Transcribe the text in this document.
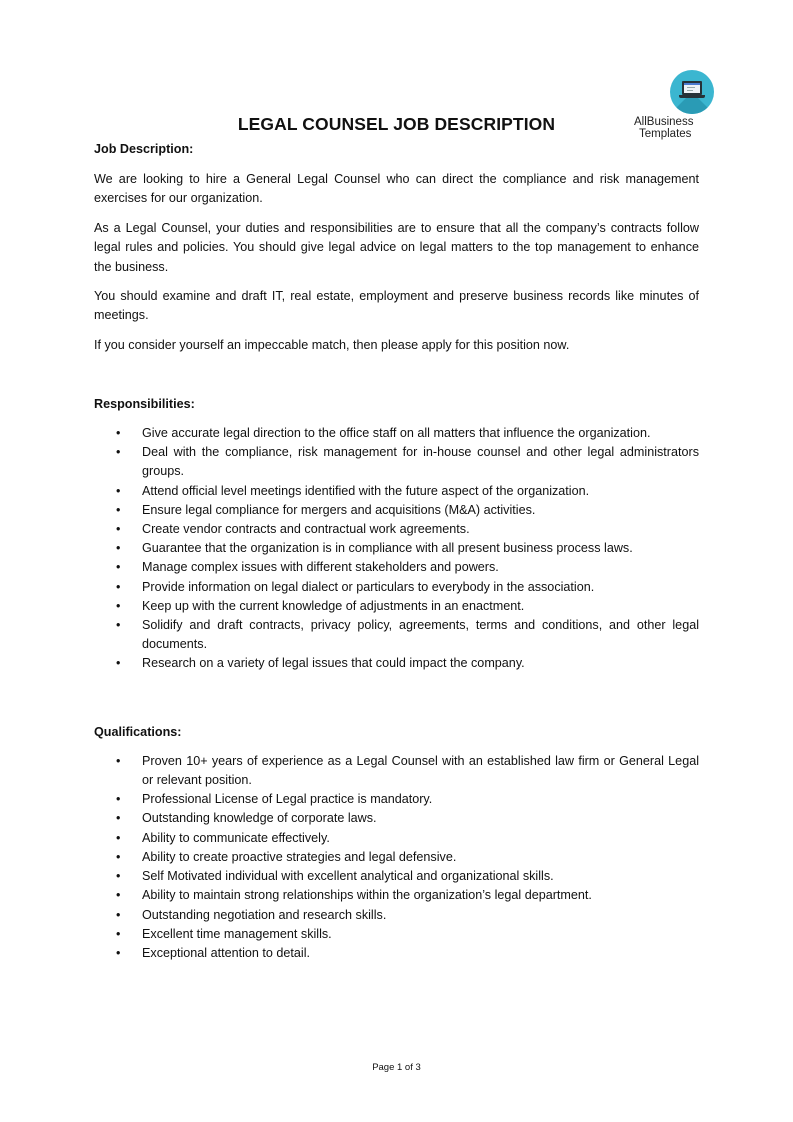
AllBusiness
Templates
LEGAL COUNSEL JOB DESCRIPTION
Job Description:

We are looking to hire a General Legal Counsel who can direct the compliance and risk management exercises for our organization.

As a Legal Counsel, your duties and responsibilities are to ensure that all the company’s contracts follow legal rules and policies. You should give legal advice on legal matters to the top management to enhance the business.

You should examine and draft IT, real estate, employment and preserve business records like minutes of meetings.

If you consider yourself an impeccable match, then please apply for this position now.

Responsibilities:
• Give accurate legal direction to the office staff on all matters that influence the organization.
• Deal with the compliance, risk management for in-house counsel and other legal administrators groups.
• Attend official level meetings identified with the future aspect of the organization.
• Ensure legal compliance for mergers and acquisitions (M&A) activities.
• Create vendor contracts and contractual work agreements.
• Guarantee that the organization is in compliance with all present business process laws.
• Manage complex issues with different stakeholders and powers.
• Provide information on legal dialect or particulars to everybody in the association.
• Keep up with the current knowledge of adjustments in an enactment.
• Solidify and draft contracts, privacy policy, agreements, terms and conditions, and other legal documents.
• Research on a variety of legal issues that could impact the company.
Qualifications:
• Proven 10+ years of experience as a Legal Counsel with an established law firm or General Legal or relevant position.
• Professional License of Legal practice is mandatory.
• Outstanding knowledge of corporate laws.
• Ability to communicate effectively.
• Ability to create proactive strategies and legal defensive.
• Self Motivated individual with excellent analytical and organizational skills.
• Ability to maintain strong relationships within the organization’s legal department.
• Outstanding negotiation and research skills.
• Excellent time management skills.
• Exceptional attention to detail.
Page 1 of 3
